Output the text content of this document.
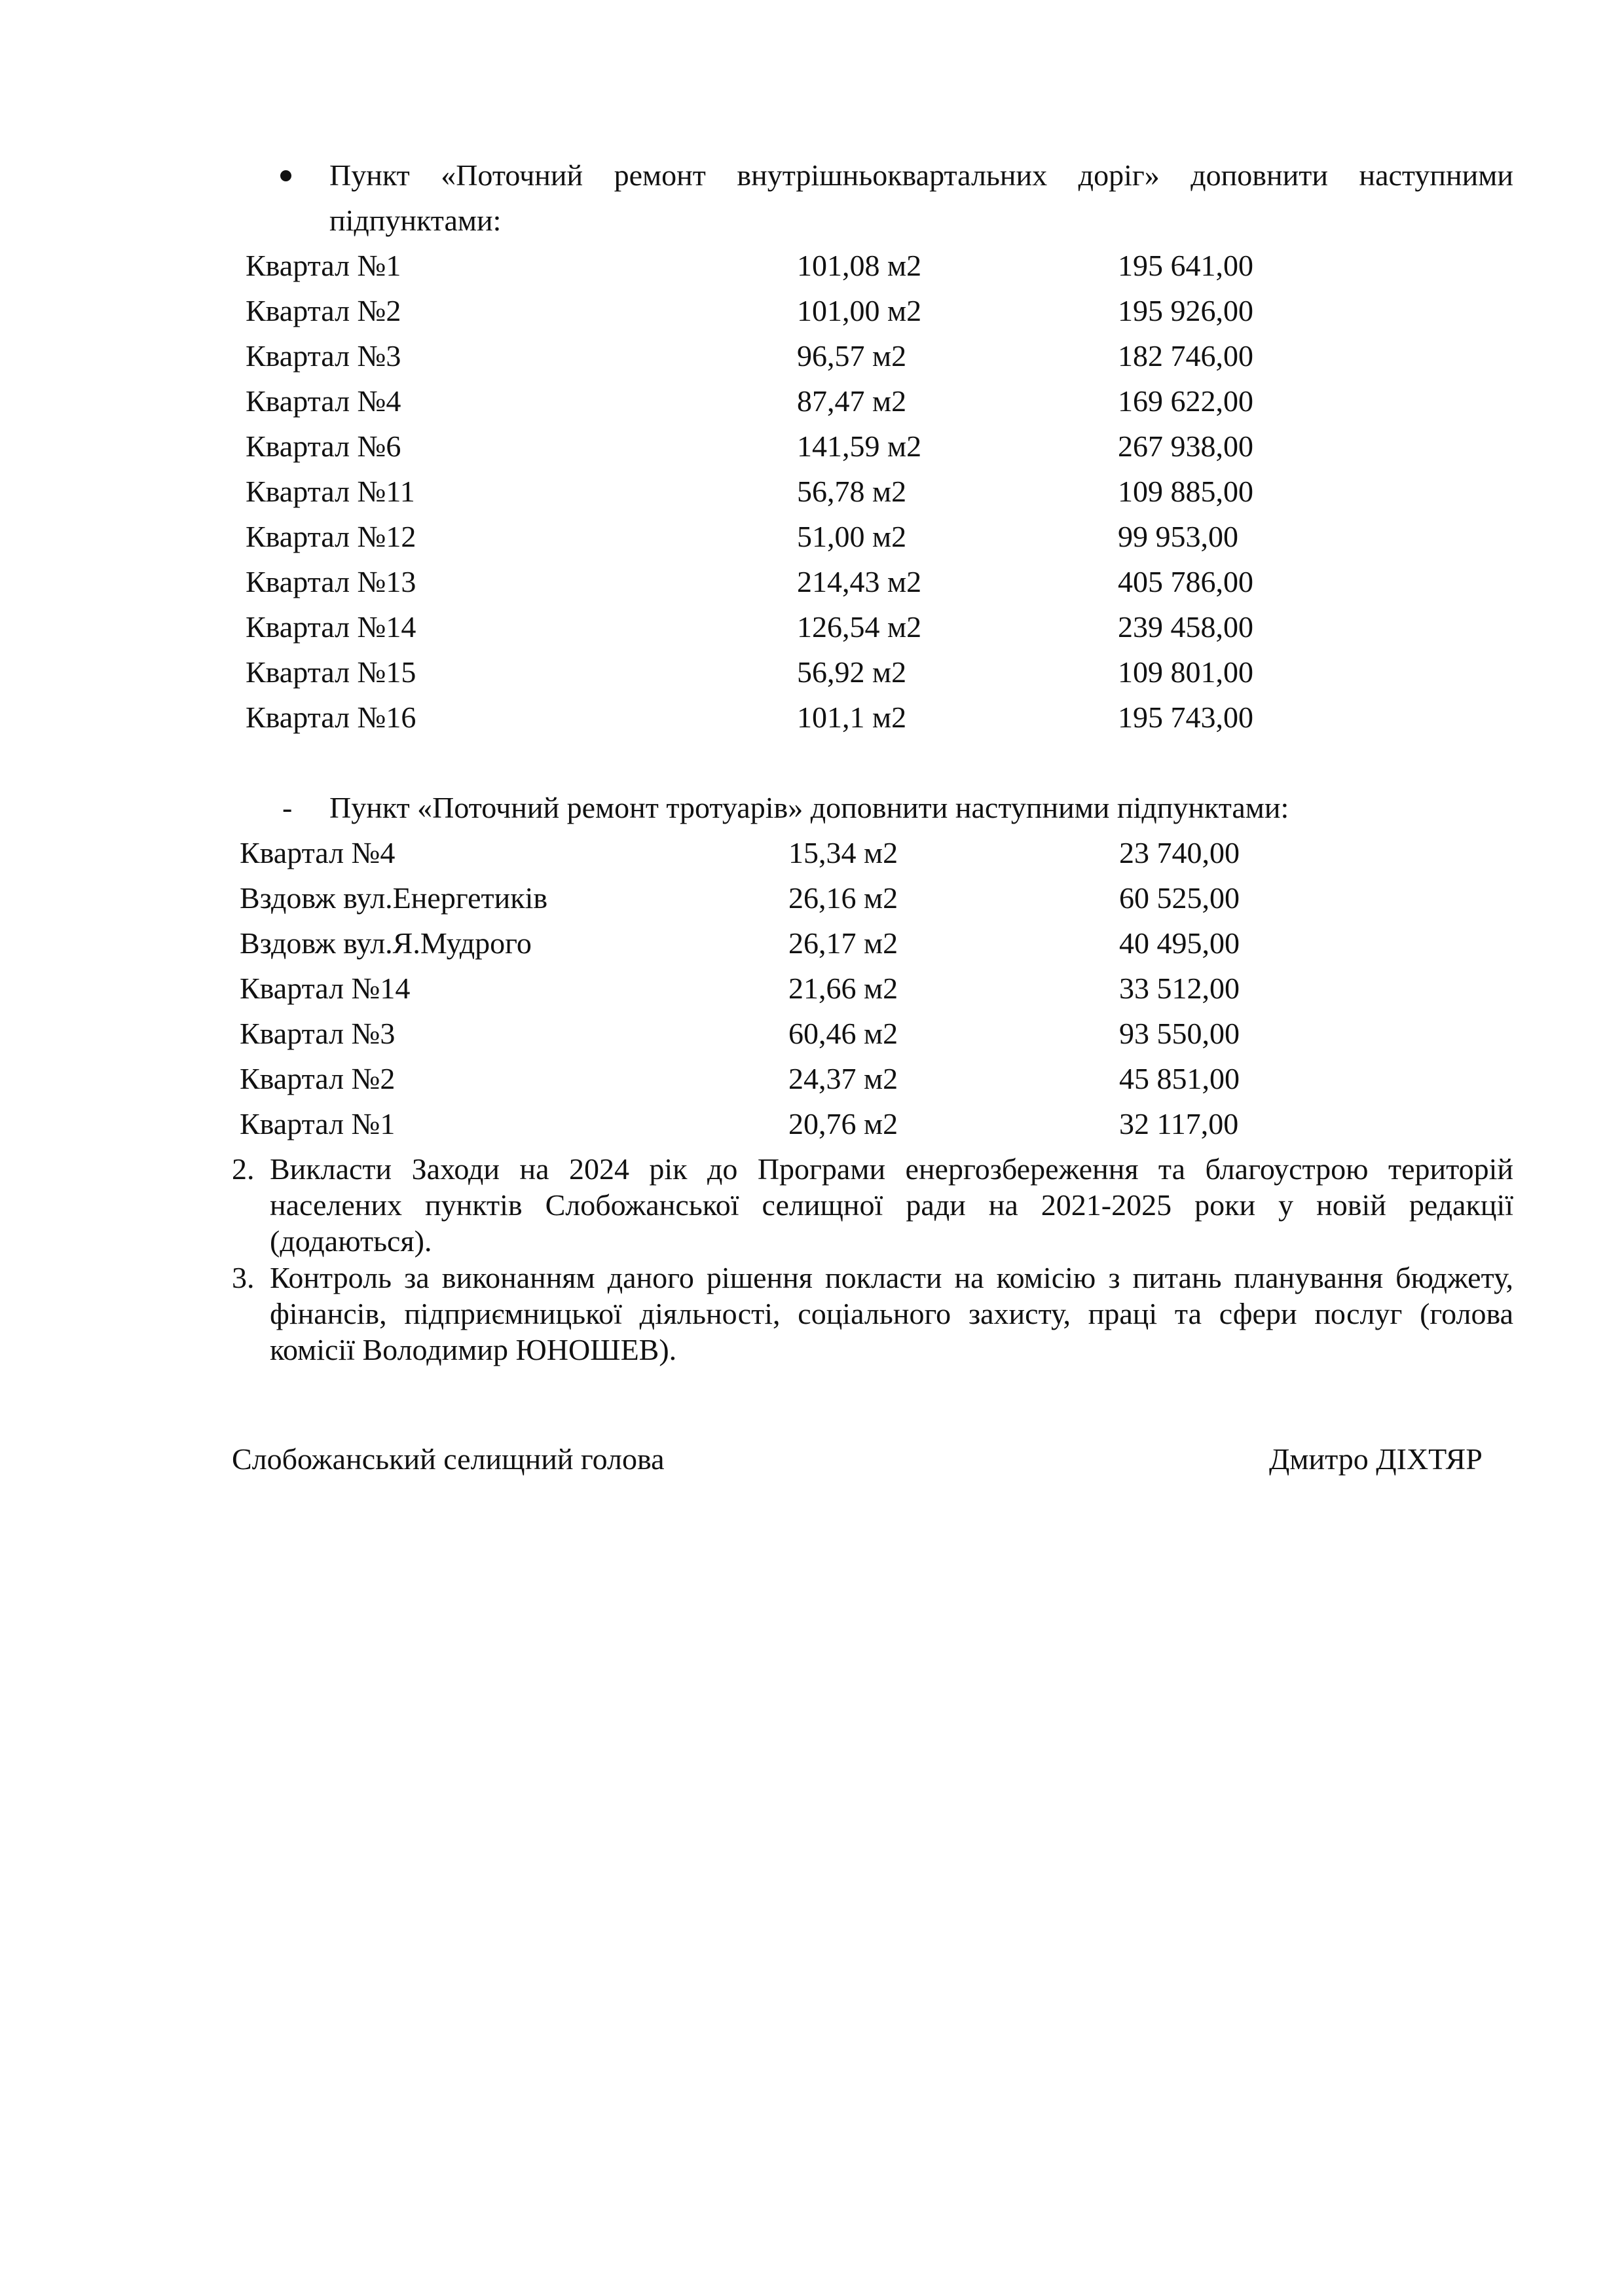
Пункт «Поточний ремонт внутрішньоквартальних доріг» доповнити наступними
підпунктами:
Квартал №1	101,08 м2	195 641,00
Квартал №2	101,00 м2	195 926,00
Квартал №3	96,57 м2	182 746,00
Квартал №4	87,47 м2	169 622,00
Квартал №6	141,59 м2	267 938,00
Квартал №11	56,78 м2	109 885,00
Квартал №12	51,00 м2	99 953,00
Квартал №13	214,43 м2	405 786,00
Квартал №14	126,54 м2	239 458,00
Квартал №15	56,92 м2	109 801,00
Квартал №16	101,1 м2	195 743,00
- Пункт «Поточний ремонт тротуарів» доповнити наступними підпунктами:
Квартал №4	15,34 м2	23 740,00
Вздовж вул.Енергетиків	26,16 м2	60 525,00
Вздовж вул.Я.Мудрого	26,17 м2	40 495,00
Квартал №14	21,66 м2	33 512,00
Квартал №3	60,46 м2	93 550,00
Квартал №2	24,37 м2	45 851,00
Квартал №1	20,76 м2	32 117,00
2. Викласти Заходи на 2024 рік до Програми енергозбереження та благоустрою територій населених пунктів Слобожанської селищної ради на 2021-2025 роки у новій редакції (додаються).
3. Контроль за виконанням даного рішення покласти на комісію з питань планування бюджету, фінансів, підприємницької діяльності, соціального захисту, праці та сфери послуг (голова комісії Володимир ЮНОШЕВ).
Слобожанський селищний голова	Дмитро ДІХТЯР
